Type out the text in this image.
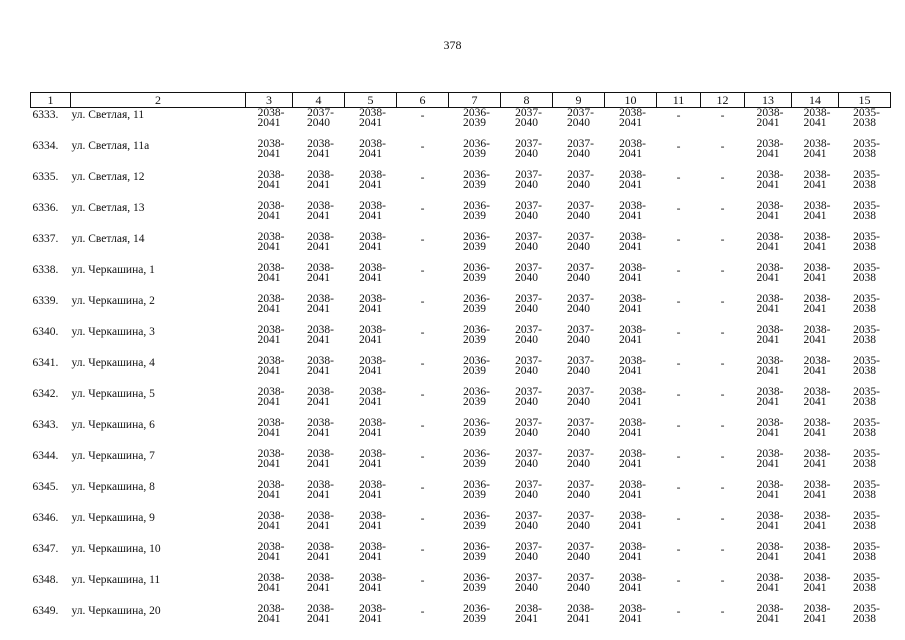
378
1	2	3	4	5	6	7	8	9	10	11	12	13	14	15
6333.	ул. Светлая, 11	2038-
2041	2037-
2040	2038-
2041	-	2036-
2039	2037-
2040	2037-
2040	2038-
2041	-	-	2038-
2041	2038-
2041	2035-
2038

6334.	ул. Светлая, 11а	2038-
2041	2038-
2041	2038-
2041	-	2036-
2039	2037-
2040	2037-
2040	2038-
2041	-	-	2038-
2041	2038-
2041	2035-
2038

6335.	ул. Светлая, 12	2038-
2041	2038-
2041	2038-
2041	-	2036-
2039	2037-
2040	2037-
2040	2038-
2041	-	-	2038-
2041	2038-
2041	2035-
2038

6336.	ул. Светлая, 13	2038-
2041	2038-
2041	2038-
2041	-	2036-
2039	2037-
2040	2037-
2040	2038-
2041	-	-	2038-
2041	2038-
2041	2035-
2038

6337.	ул. Светлая, 14	2038-
2041	2038-
2041	2038-
2041	-	2036-
2039	2037-
2040	2037-
2040	2038-
2041	-	-	2038-
2041	2038-
2041	2035-
2038

6338.	ул. Черкашина, 1	2038-
2041	2038-
2041	2038-
2041	-	2036-
2039	2037-
2040	2037-
2040	2038-
2041	-	-	2038-
2041	2038-
2041	2035-
2038

6339.	ул. Черкашина, 2	2038-
2041	2038-
2041	2038-
2041	-	2036-
2039	2037-
2040	2037-
2040	2038-
2041	-	-	2038-
2041	2038-
2041	2035-
2038

6340.	ул. Черкашина, 3	2038-
2041	2038-
2041	2038-
2041	-	2036-
2039	2037-
2040	2037-
2040	2038-
2041	-	-	2038-
2041	2038-
2041	2035-
2038

6341.	ул. Черкашина, 4	2038-
2041	2038-
2041	2038-
2041	-	2036-
2039	2037-
2040	2037-
2040	2038-
2041	-	-	2038-
2041	2038-
2041	2035-
2038

6342.	ул. Черкашина, 5	2038-
2041	2038-
2041	2038-
2041	-	2036-
2039	2037-
2040	2037-
2040	2038-
2041	-	-	2038-
2041	2038-
2041	2035-
2038

6343.	ул. Черкашина, 6	2038-
2041	2038-
2041	2038-
2041	-	2036-
2039	2037-
2040	2037-
2040	2038-
2041	-	-	2038-
2041	2038-
2041	2035-
2038

6344.	ул. Черкашина, 7	2038-
2041	2038-
2041	2038-
2041	-	2036-
2039	2037-
2040	2037-
2040	2038-
2041	-	-	2038-
2041	2038-
2041	2035-
2038

6345.	ул. Черкашина, 8	2038-
2041	2038-
2041	2038-
2041	-	2036-
2039	2037-
2040	2037-
2040	2038-
2041	-	-	2038-
2041	2038-
2041	2035-
2038

6346.	ул. Черкашина, 9	2038-
2041	2038-
2041	2038-
2041	-	2036-
2039	2037-
2040	2037-
2040	2038-
2041	-	-	2038-
2041	2038-
2041	2035-
2038

6347.	ул. Черкашина, 10	2038-
2041	2038-
2041	2038-
2041	-	2036-
2039	2037-
2040	2037-
2040	2038-
2041	-	-	2038-
2041	2038-
2041	2035-
2038

6348.	ул. Черкашина, 11	2038-
2041	2038-
2041	2038-
2041	-	2036-
2039	2037-
2040	2037-
2040	2038-
2041	-	-	2038-
2041	2038-
2041	2035-
2038

6349.	ул. Черкашина, 20	2038-
2041	2038-
2041	2038-
2041	-	2036-
2039	2038-
2041	2038-
2041	2038-
2041	-	-	2038-
2041	2038-
2041	2035-
2038
